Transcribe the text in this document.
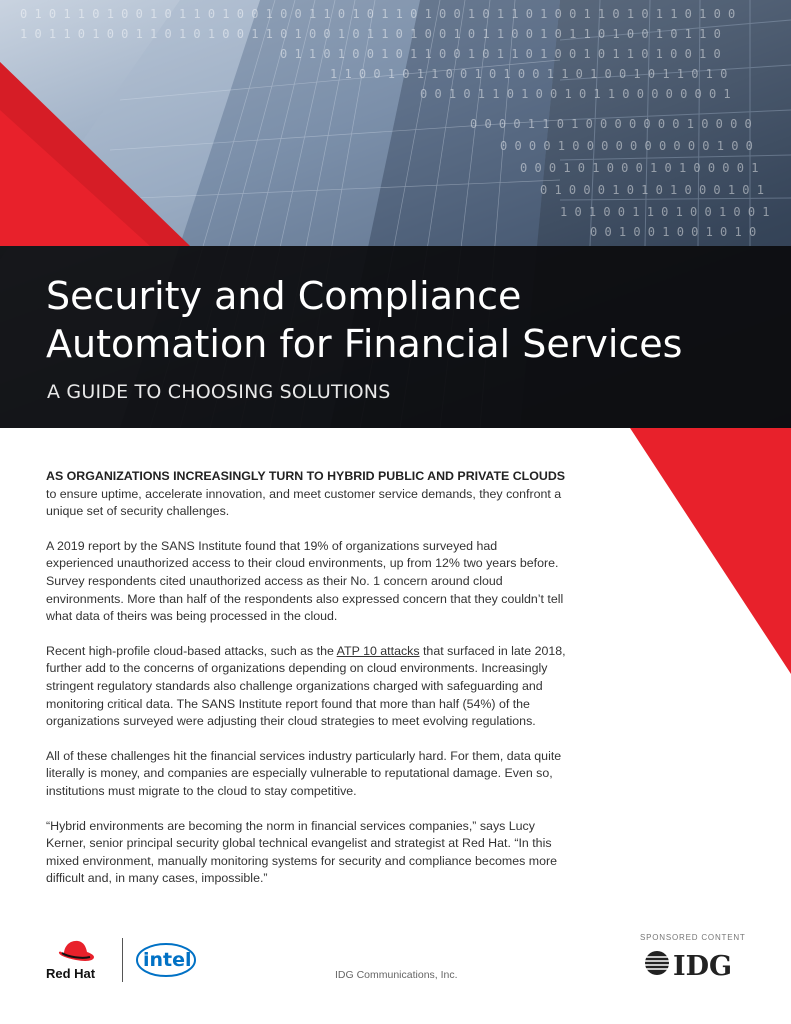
0 1 0 1 1 0 1 0 0 1 0 1 1 0 1 0 0 1 0 0 1 1 0 1 0 1 1 0 1 0 0 1 0 1 1 0 1 0 0 1 1 0 1 0 1 1 0 1 0 0
1 0 1 1 0 1 0 0 1 1 0 1 0 1 0 0 1 1 0 1 0 0 1 0 1 1 0 1 0 0 1 0 1 1 0 0 1 0 1 1 0 1 0 0 1 0 1 1 0
0 1 1 0 1 0 0 1 0 1 1 0 0 1 0 1 1 0 1 0 0 1 0 1 1 0 1 0 0 1 0
1 1 0 0 1 0 1 1 0 0 1 0 1 0 0 1 1 0 1 0 0 1 0 1 1 0 1 0
0 0 1 0 1 1 0 1 0 0 1 0 1 1 0 0 0 0 0 0 0 1
0 0 0 0 1 1 0 1 0 0 0 0 0 0 0 1 0 0 0 0
0 0 0 0 1 0 0 0 0 0 0 0 0 0 0 1 0 0
0 0 0 1 0 1 0 0 0 1 0 1 0 0 0 0 1
0 1 0 0 0 1 0 1 0 1 0 0 0 1 0 1
1 0 1 0 0 1 1 0 1 0 0 1 0 0 1
0 0 1 0 0 1 0 0 1 0 1 0
Security and Compliance
Automation for Financial Services
A GUIDE TO CHOOSING SOLUTIONS

AS ORGANIZATIONS INCREASINGLY TURN TO HYBRID PUBLIC AND PRIVATE CLOUDS to ensure uptime, accelerate innovation, and meet customer service demands, they confront a unique set of security challenges.

A 2019 report by the SANS Institute found that 19% of organizations surveyed had experienced unauthorized access to their cloud environments, up from 12% two years before. Survey respondents cited unauthorized access as their No. 1 concern around cloud environments. More than half of the respondents also expressed concern that they couldn’t tell what data of theirs was being processed in the cloud.

Recent high-profile cloud-based attacks, such as the ATP 10 attacks that surfaced in late 2018, further add to the concerns of organizations depending on cloud environments. Increasingly stringent regulatory standards also challenge organizations charged with safeguarding and monitoring critical data. The SANS Institute report found that more than half (54%) of the organizations surveyed were adjusting their cloud strategies to meet evolving regulations.

All of these challenges hit the financial services industry particularly hard. For them, data quite literally is money, and companies are especially vulnerable to reputational damage. Even so, institutions must migrate to the cloud to stay competitive.

“Hybrid environments are becoming the norm in financial services companies,” says Lucy Kerner, senior principal security global technical evangelist and strategist at Red Hat. “In this mixed environment, manually monitoring systems for security and compliance becomes more difficult and, in many cases, impossible.”

Red Hat
intel
IDG Communications, Inc.
SPONSORED CONTENT
IDG
